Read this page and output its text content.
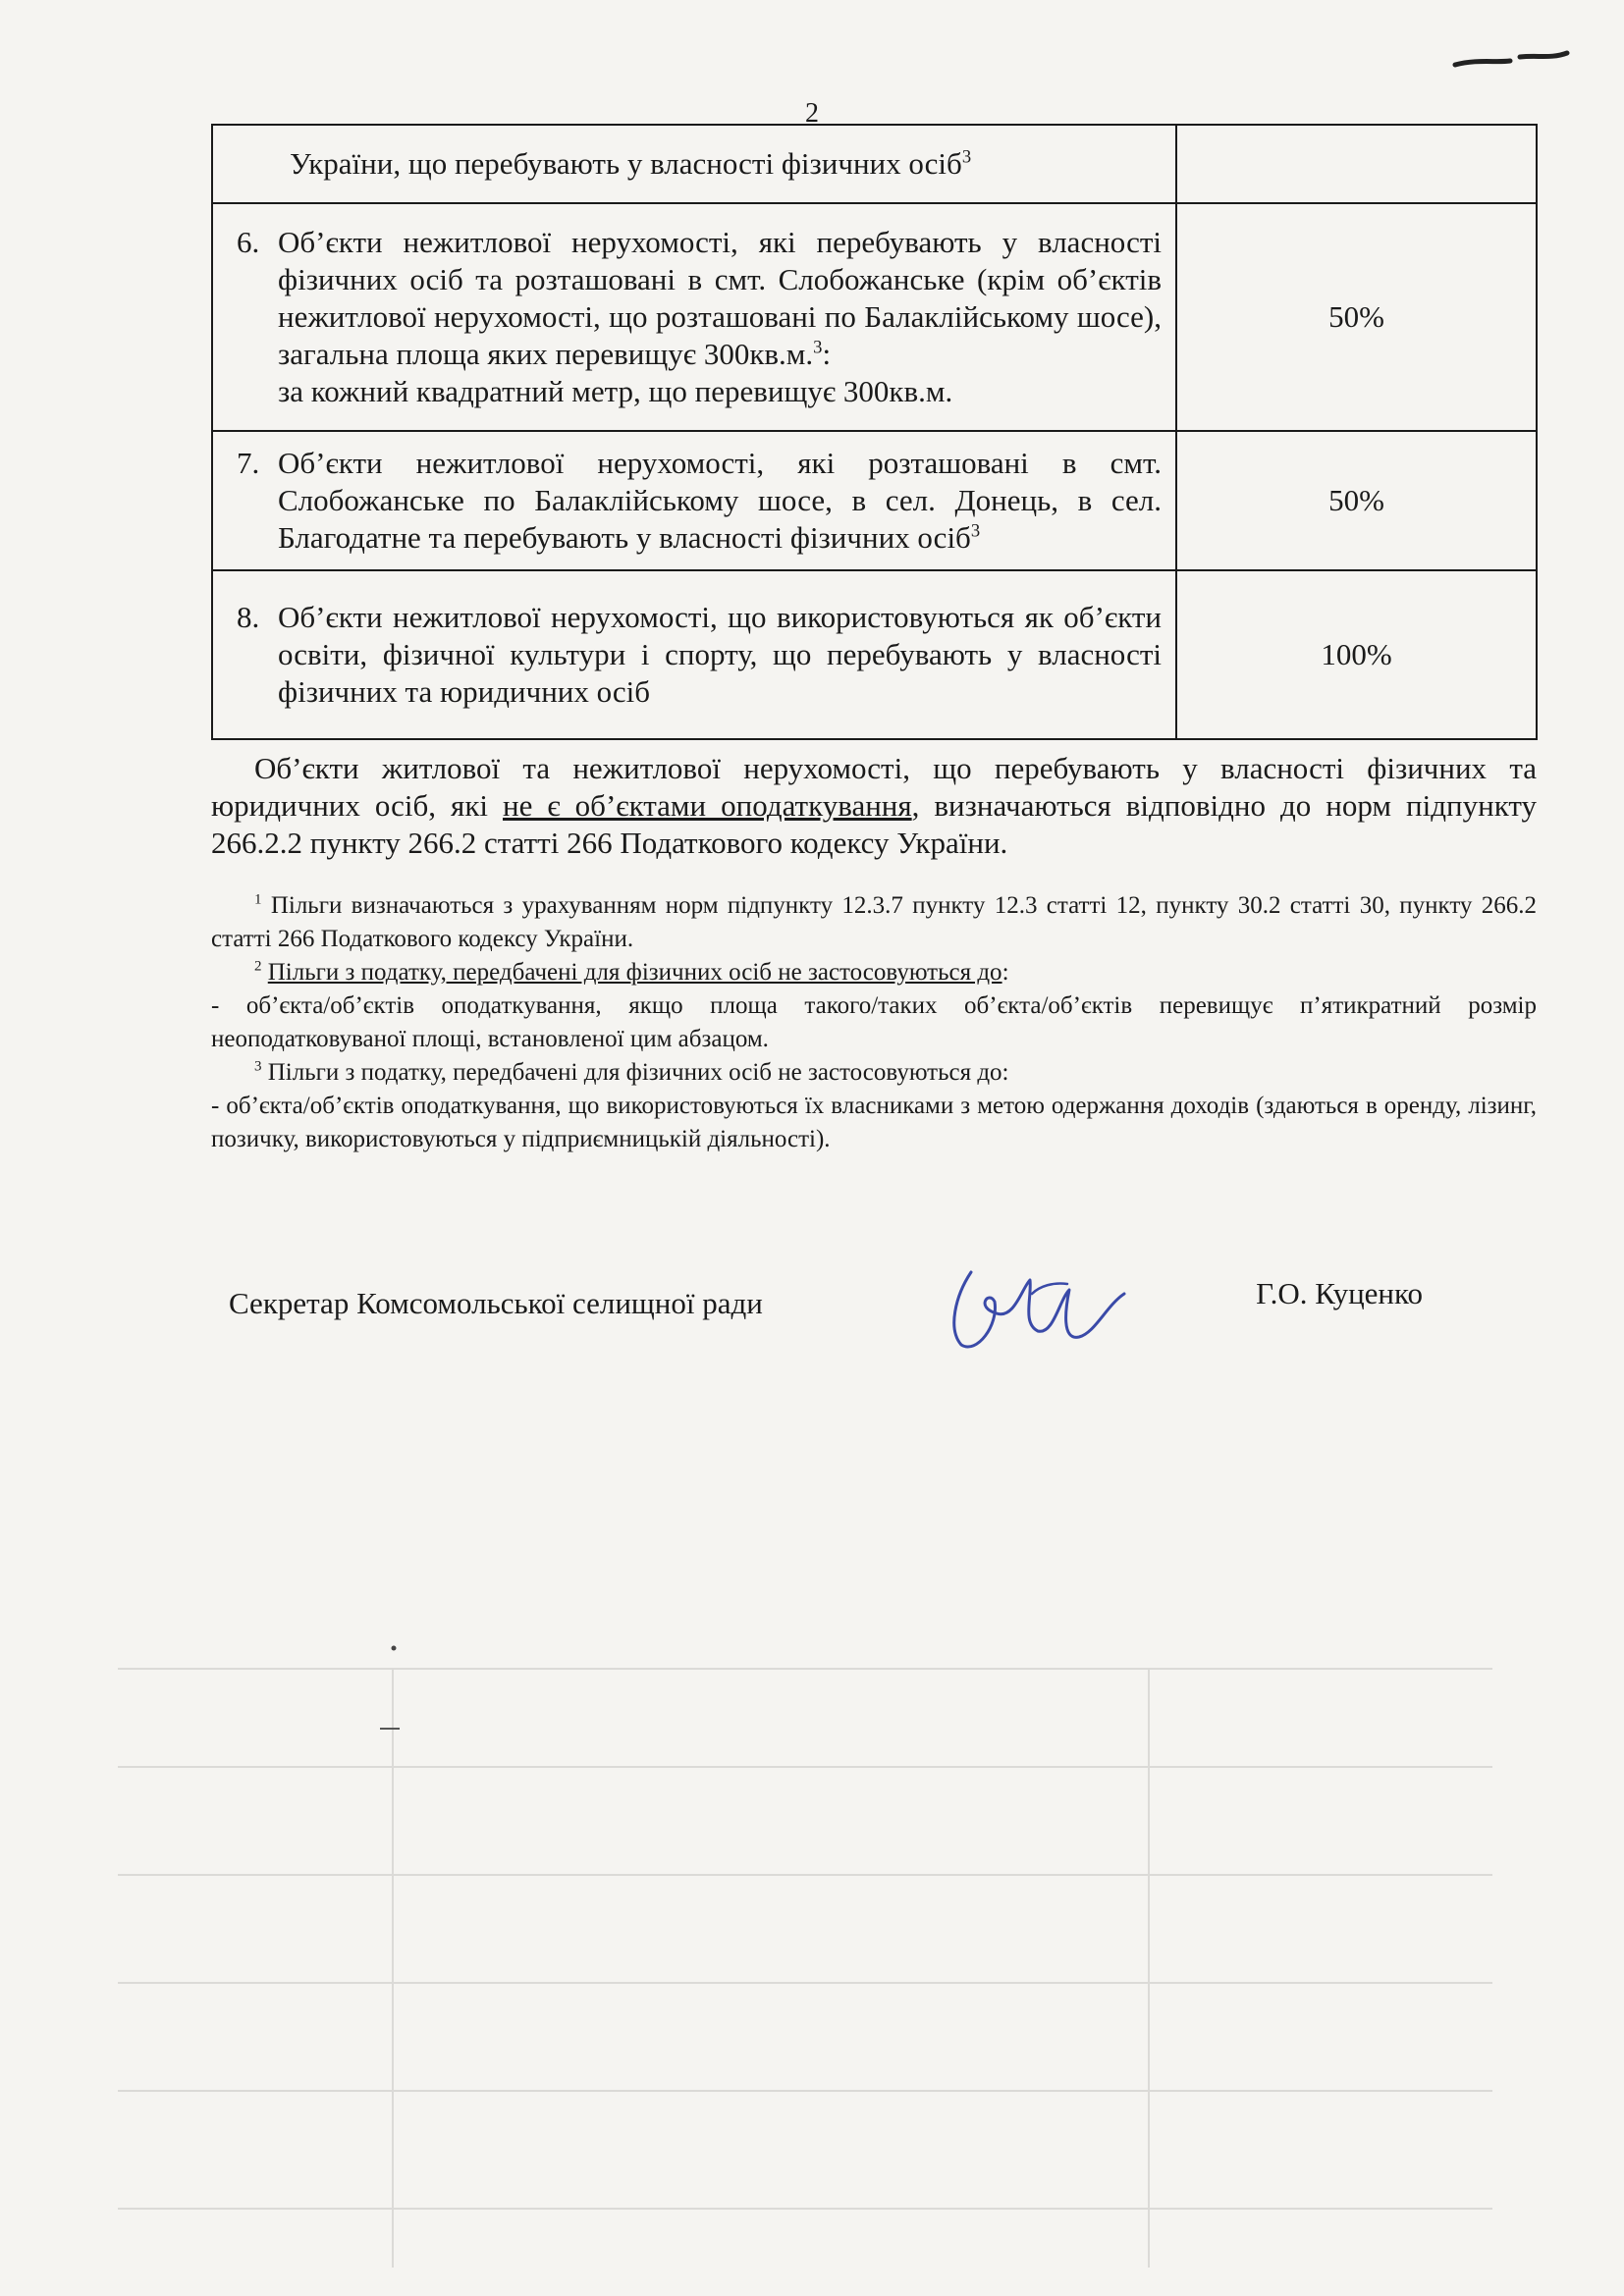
2
України, що перебувають у власності фізичних осіб$^3$

6. Об’єкти нежитлової нерухомості, які перебувають у власності фізичних осіб та розташовані в смт. Слобожанське (крім об’єктів нежитлової нерухомості, що розташовані по Балаклійському шосе), загальна площа яких перевищує 300кв.м.$^3$:
за кожний квадратний метр, що перевищує 300кв.м.	50%

7. Об’єкти нежитлової нерухомості, які розташовані в смт. Слобожанське по Балаклійському шосе, в сел. Донець, в сел. Благодатне та перебувають у власності фізичних осіб$^3$	50%

8. Об’єкти нежитлової нерухомості, що використовуються як об’єкти освіти, фізичної культури і спорту, що перебувають у власності фізичних та юридичних осіб	100%

Об’єкти житлової та нежитлової нерухомості, що перебувають у власності фізичних та юридичних осіб, які не є об’єктами оподаткування, визначаються відповідно до норм підпункту 266.2.2 пункту 266.2 статті 266 Податкового кодексу України.

$^1$ Пільги визначаються з урахуванням норм підпункту 12.3.7 пункту 12.3 статті 12, пункту 30.2 статті 30, пункту 266.2 статті 266 Податкового кодексу України.

$^2$ Пільги з податку, передбачені для фізичних осіб не застосовуються до:

- об’єкта/об’єктів оподаткування, якщо площа такого/таких об’єкта/об’єктів перевищує п’ятикратний розмір неоподатковуваної площі, встановленої цим абзацом.

$^3$ Пільги з податку, передбачені для фізичних осіб не застосовуються до:

- об’єкта/об’єктів оподаткування, що використовуються їх власниками з метою одержання доходів (здаються в оренду, лізинг, позичку, використовуються у підприємницькій діяльності).

Секретар Комсомольської селищної ради	Г.О. Куценко
